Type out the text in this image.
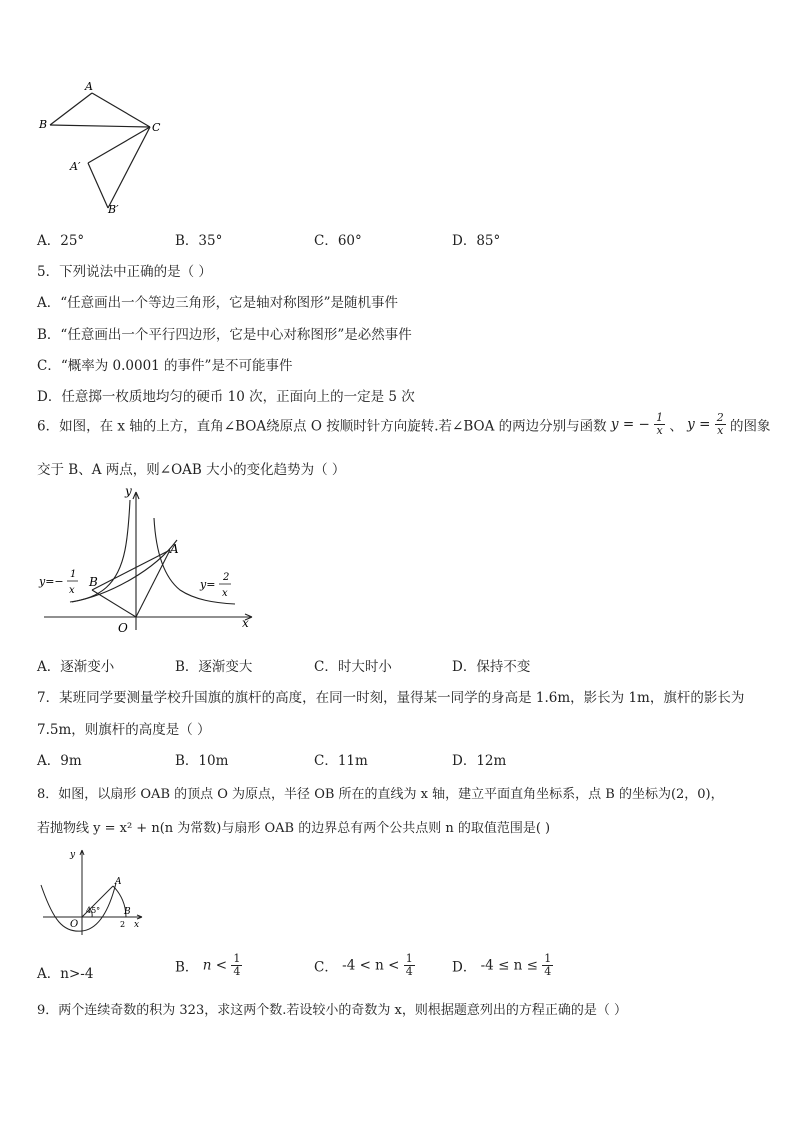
A
B	C
A′
B′
A．25°	B．35°	C．60°	D．85°
5．下列说法中正确的是（ ）
A．“任意画出一个等边三角形，它是轴对称图形”是随机事件
B．“任意画出一个平行四边形，它是中心对称图形”是必然事件
C．“概率为 0.0001 的事件”是不可能事件
D．任意掷一枚质地均匀的硬币 10 次，正面向上的一定是 5 次
6．如图，在 x 轴的上方，直角∠BOA绕原点 O 按顺时针方向旋转.若∠BOA 的两边分别与函数 y = − $\frac{1}{x}$ 、 $y = \frac{2}{x}$ 的图象
交于 B、A 两点，则∠OAB 大小的变化趋势为（ ）
y
x
O
A
B
y=−
1
x	y=
2
x
A．逐渐变小	B．逐渐变大	C．时大时小	D．保持不变
7．某班同学要测量学校升国旗的旗杆的高度，在同一时刻，量得某一同学的身高是 1.6m，影长为 1m，旗杆的影长为
7.5m，则旗杆的高度是（ ）
A．9m	B．10m	C．11m	D．12m
8．如图，以扇形 OAB 的顶点 O 为原点，半径 OB 所在的直线为 x 轴，建立平面直角坐标系，点 B 的坐标为(2，0)，
若抛物线 y = x² + n(n 为常数)与扇形 OAB 的边界总有两个公共点则 n 的取值范围是( )
y
x
O
A
B
45°
2
A．n>-4	B． $n < \frac{1}{4}$	C． $-4 < n < \frac{1}{4}$	D． $-4 \le n \le \frac{1}{4}$
9．两个连续奇数的积为 323，求这两个数.若设较小的奇数为 x，则根据题意列出的方程正确的是（ ）
